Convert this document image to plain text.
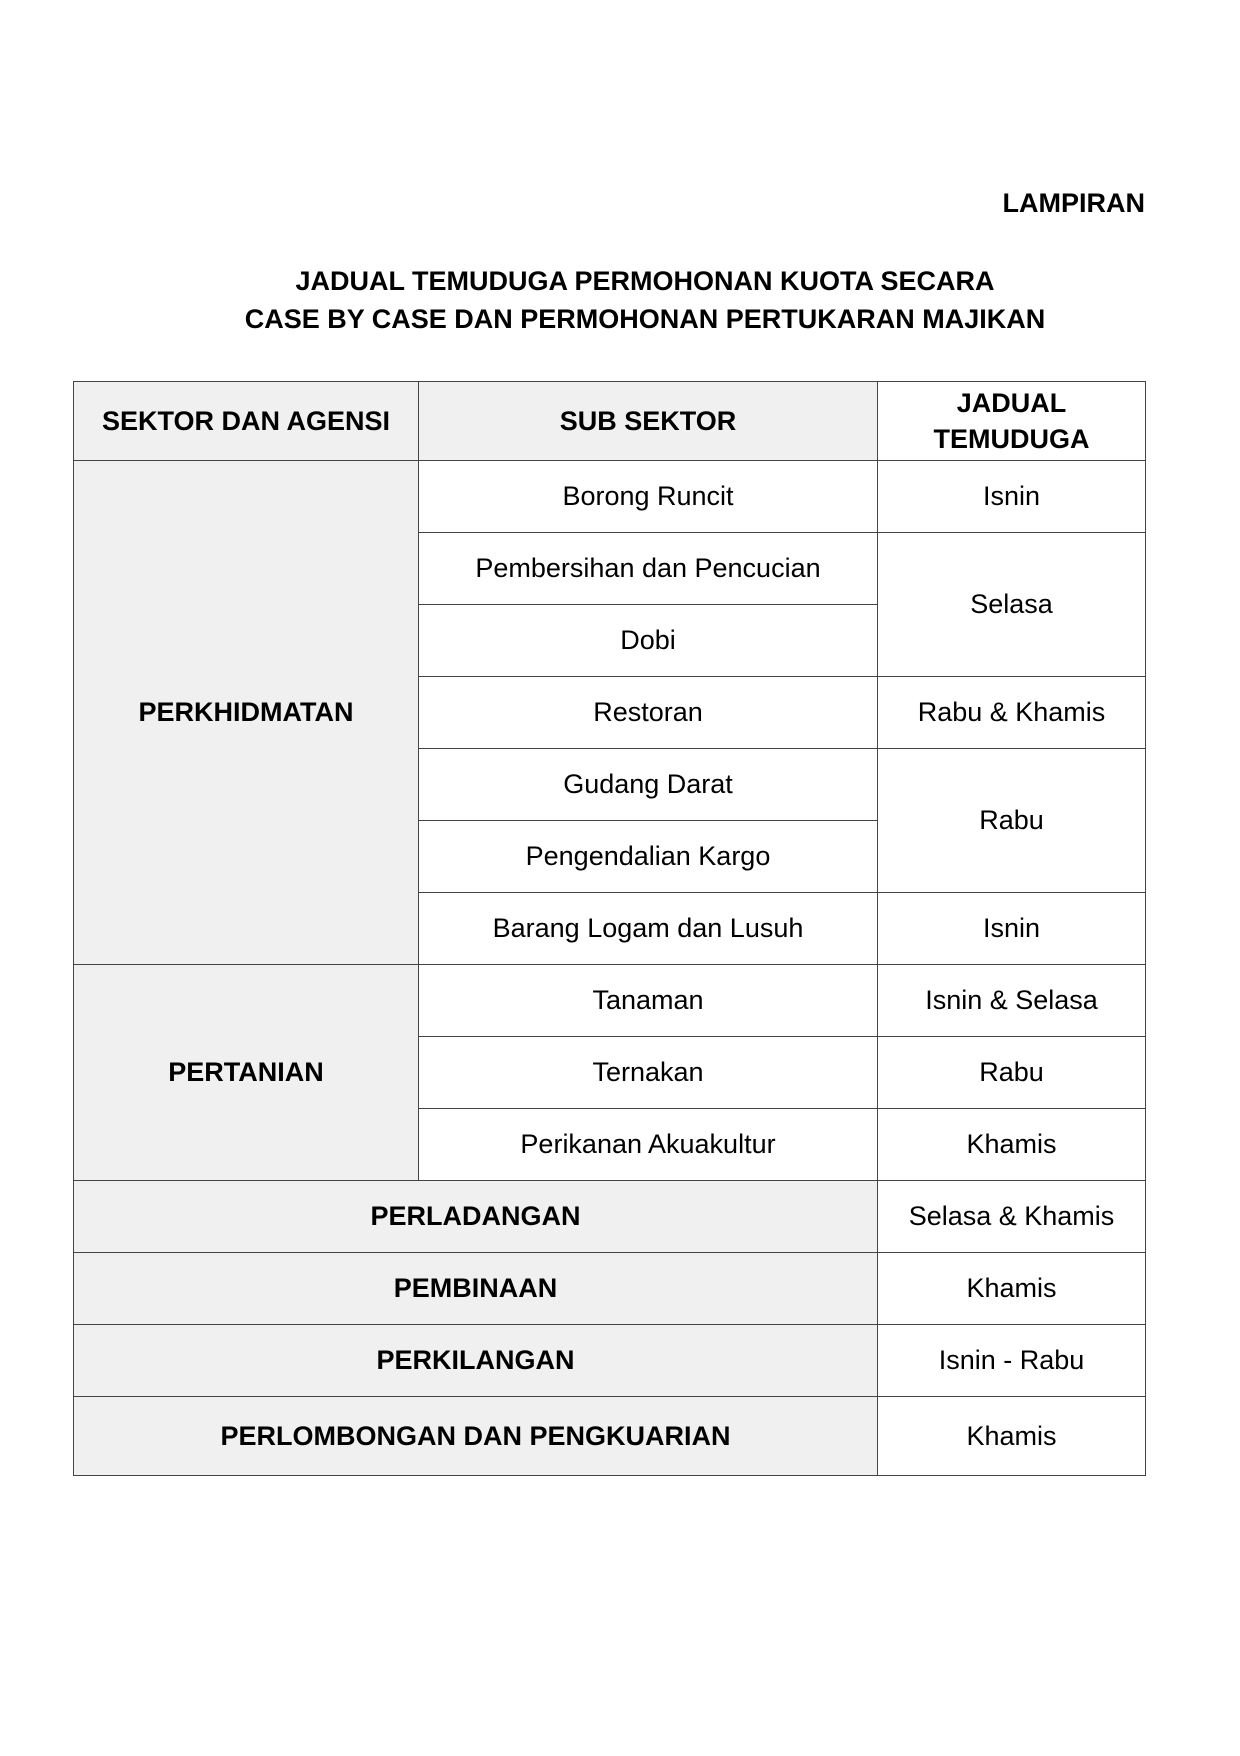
LAMPIRAN

JADUAL TEMUDUGA PERMOHONAN KUOTA SECARA
CASE BY CASE DAN PERMOHONAN PERTUKARAN MAJIKAN
SEKTOR DAN AGENSI	SUB SEKTOR	JADUAL
TEMUDUGA

PERKHIDMATAN	Borong Runcit	Isnin
	Pembersihan dan Pencucian	Selasa
	Dobi	
	Restoran	Rabu & Khamis
	Gudang Darat	Rabu
	Pengendalian Kargo	
	Barang Logam dan Lusuh	Isnin
PERTANIAN	Tanaman	Isnin & Selasa
	Ternakan	Rabu
	Perikanan Akuakultur	Khamis
PERLADANGAN		Selasa & Khamis
PEMBINAAN		Khamis
PERKILANGAN		Isnin - Rabu
PERLOMBONGAN DAN PENGKUARIAN		Khamis
